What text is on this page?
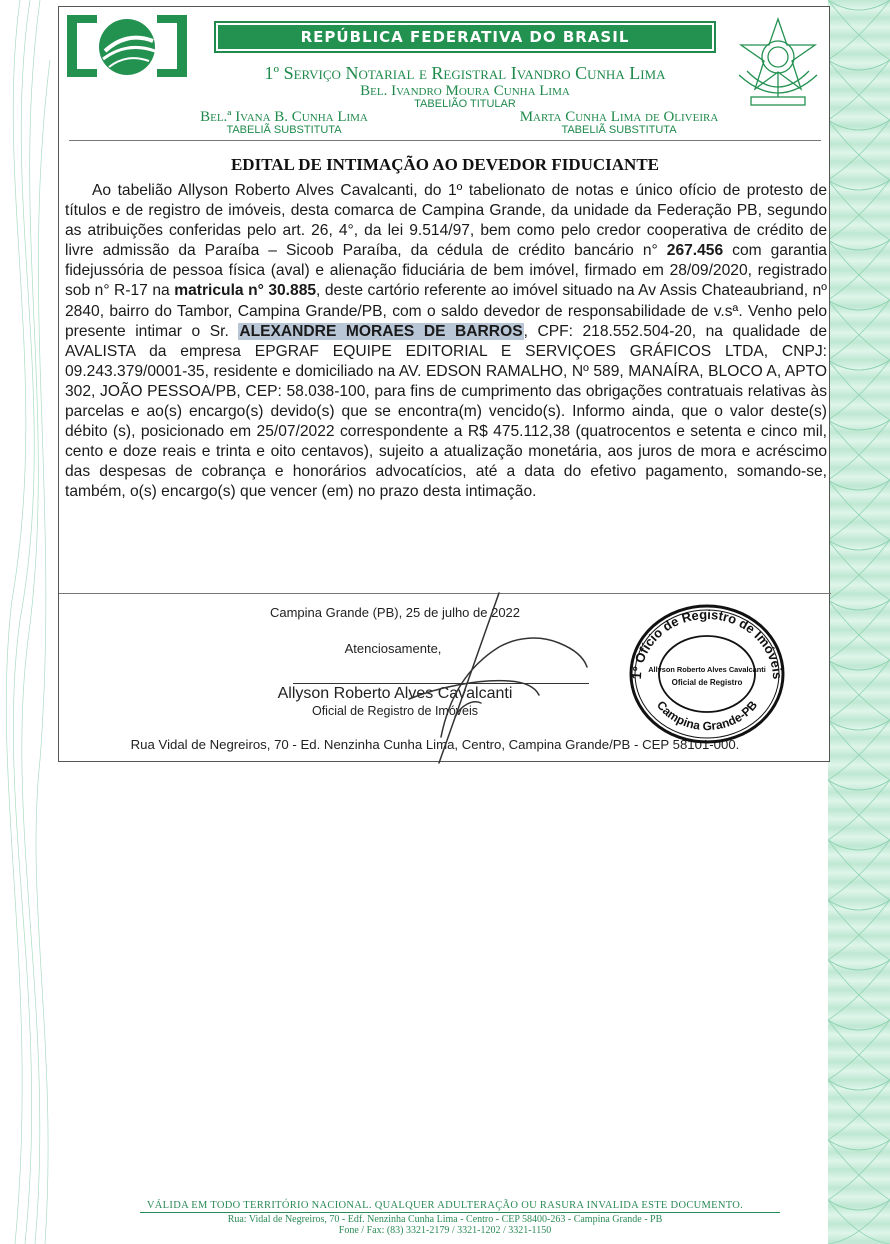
REPÚBLICA FEDERATIVA DO BRASIL
1º Serviço Notarial e Registral Ivandro Cunha Lima
Bel. Ivandro Moura Cunha Lima
TABELIÃO TITULAR
Bel.ª Ivana B. Cunha Lima
TABELIÃ SUBSTITUTA
Marta Cunha Lima de Oliveira
TABELIÃ SUBSTITUTA
EDITAL DE INTIMAÇÃO AO DEVEDOR FIDUCIANTE
Ao tabelião Allyson Roberto Alves Cavalcanti, do 1º tabelionato de notas e único ofício de protesto de títulos e de registro de imóveis, desta comarca de Campina Grande, da unidade da Federação PB, segundo as atribuições conferidas pelo art. 26, 4°, da lei 9.514/97, bem como pelo credor cooperativa de crédito de livre admissão da Paraíba – Sicoob Paraíba, da cédula de crédito bancário n° 267.456 com garantia fidejussória de pessoa física (aval) e alienação fiduciária de bem imóvel, firmado em 28/09/2020, registrado sob n° R-17 na matricula n° 30.885, deste cartório referente ao imóvel situado na Av Assis Chateaubriand, nº 2840, bairro do Tambor, Campina Grande/PB, com o saldo devedor de responsabilidade de v.sª. Venho pelo presente intimar o Sr. ALEXANDRE MORAES DE BARROS, CPF: 218.552.504-20, na qualidade de AVALISTA da empresa EPGRAF EQUIPE EDITORIAL E SERVIÇOES GRÁFICOS LTDA, CNPJ: 09.243.379/0001-35, residente e domiciliado na AV. EDSON RAMALHO, Nº 589, MANAÍRA, BLOCO A, APTO 302, JOÃO PESSOA/PB, CEP: 58.038-100, para fins de cumprimento das obrigações contratuais relativas às parcelas e ao(s) encargo(s) devido(s) que se encontra(m) vencido(s). Informo ainda, que o valor deste(s) débito (s), posicionado em 25/07/2022 correspondente a R$ 475.112,38 (quatrocentos e setenta e cinco mil, cento e doze reais e trinta e oito centavos), sujeito a atualização monetária, aos juros de mora e acréscimo das despesas de cobrança e honorários advocatícios, até a data do efetivo pagamento, somando-se, também, o(s) encargo(s) que vencer (em) no prazo desta intimação.
Campina Grande (PB), 25 de julho de 2022
Atenciosamente,
Allyson Roberto Alves Cavalcanti
Oficial de Registro de Imóveis
Rua Vidal de Negreiros, 70 - Ed. Nenzinha Cunha Lima, Centro, Campina Grande/PB - CEP 58101-000.
1º Ofício de Registro de Imóveis
Campina Grande-PB
Allyson Roberto Alves Cavalcanti
Oficial de Registro
VÁLIDA EM TODO TERRITÓRIO NACIONAL. QUALQUER ADULTERAÇÃO OU RASURA INVALIDA ESTE DOCUMENTO.
Rua: Vidal de Negreiros, 70 - Edf. Nenzinha Cunha Lima - Centro - CEP 58400-263 - Campina Grande - PB
Fone / Fax: (83) 3321-2179 / 3321-1202 / 3321-1150
